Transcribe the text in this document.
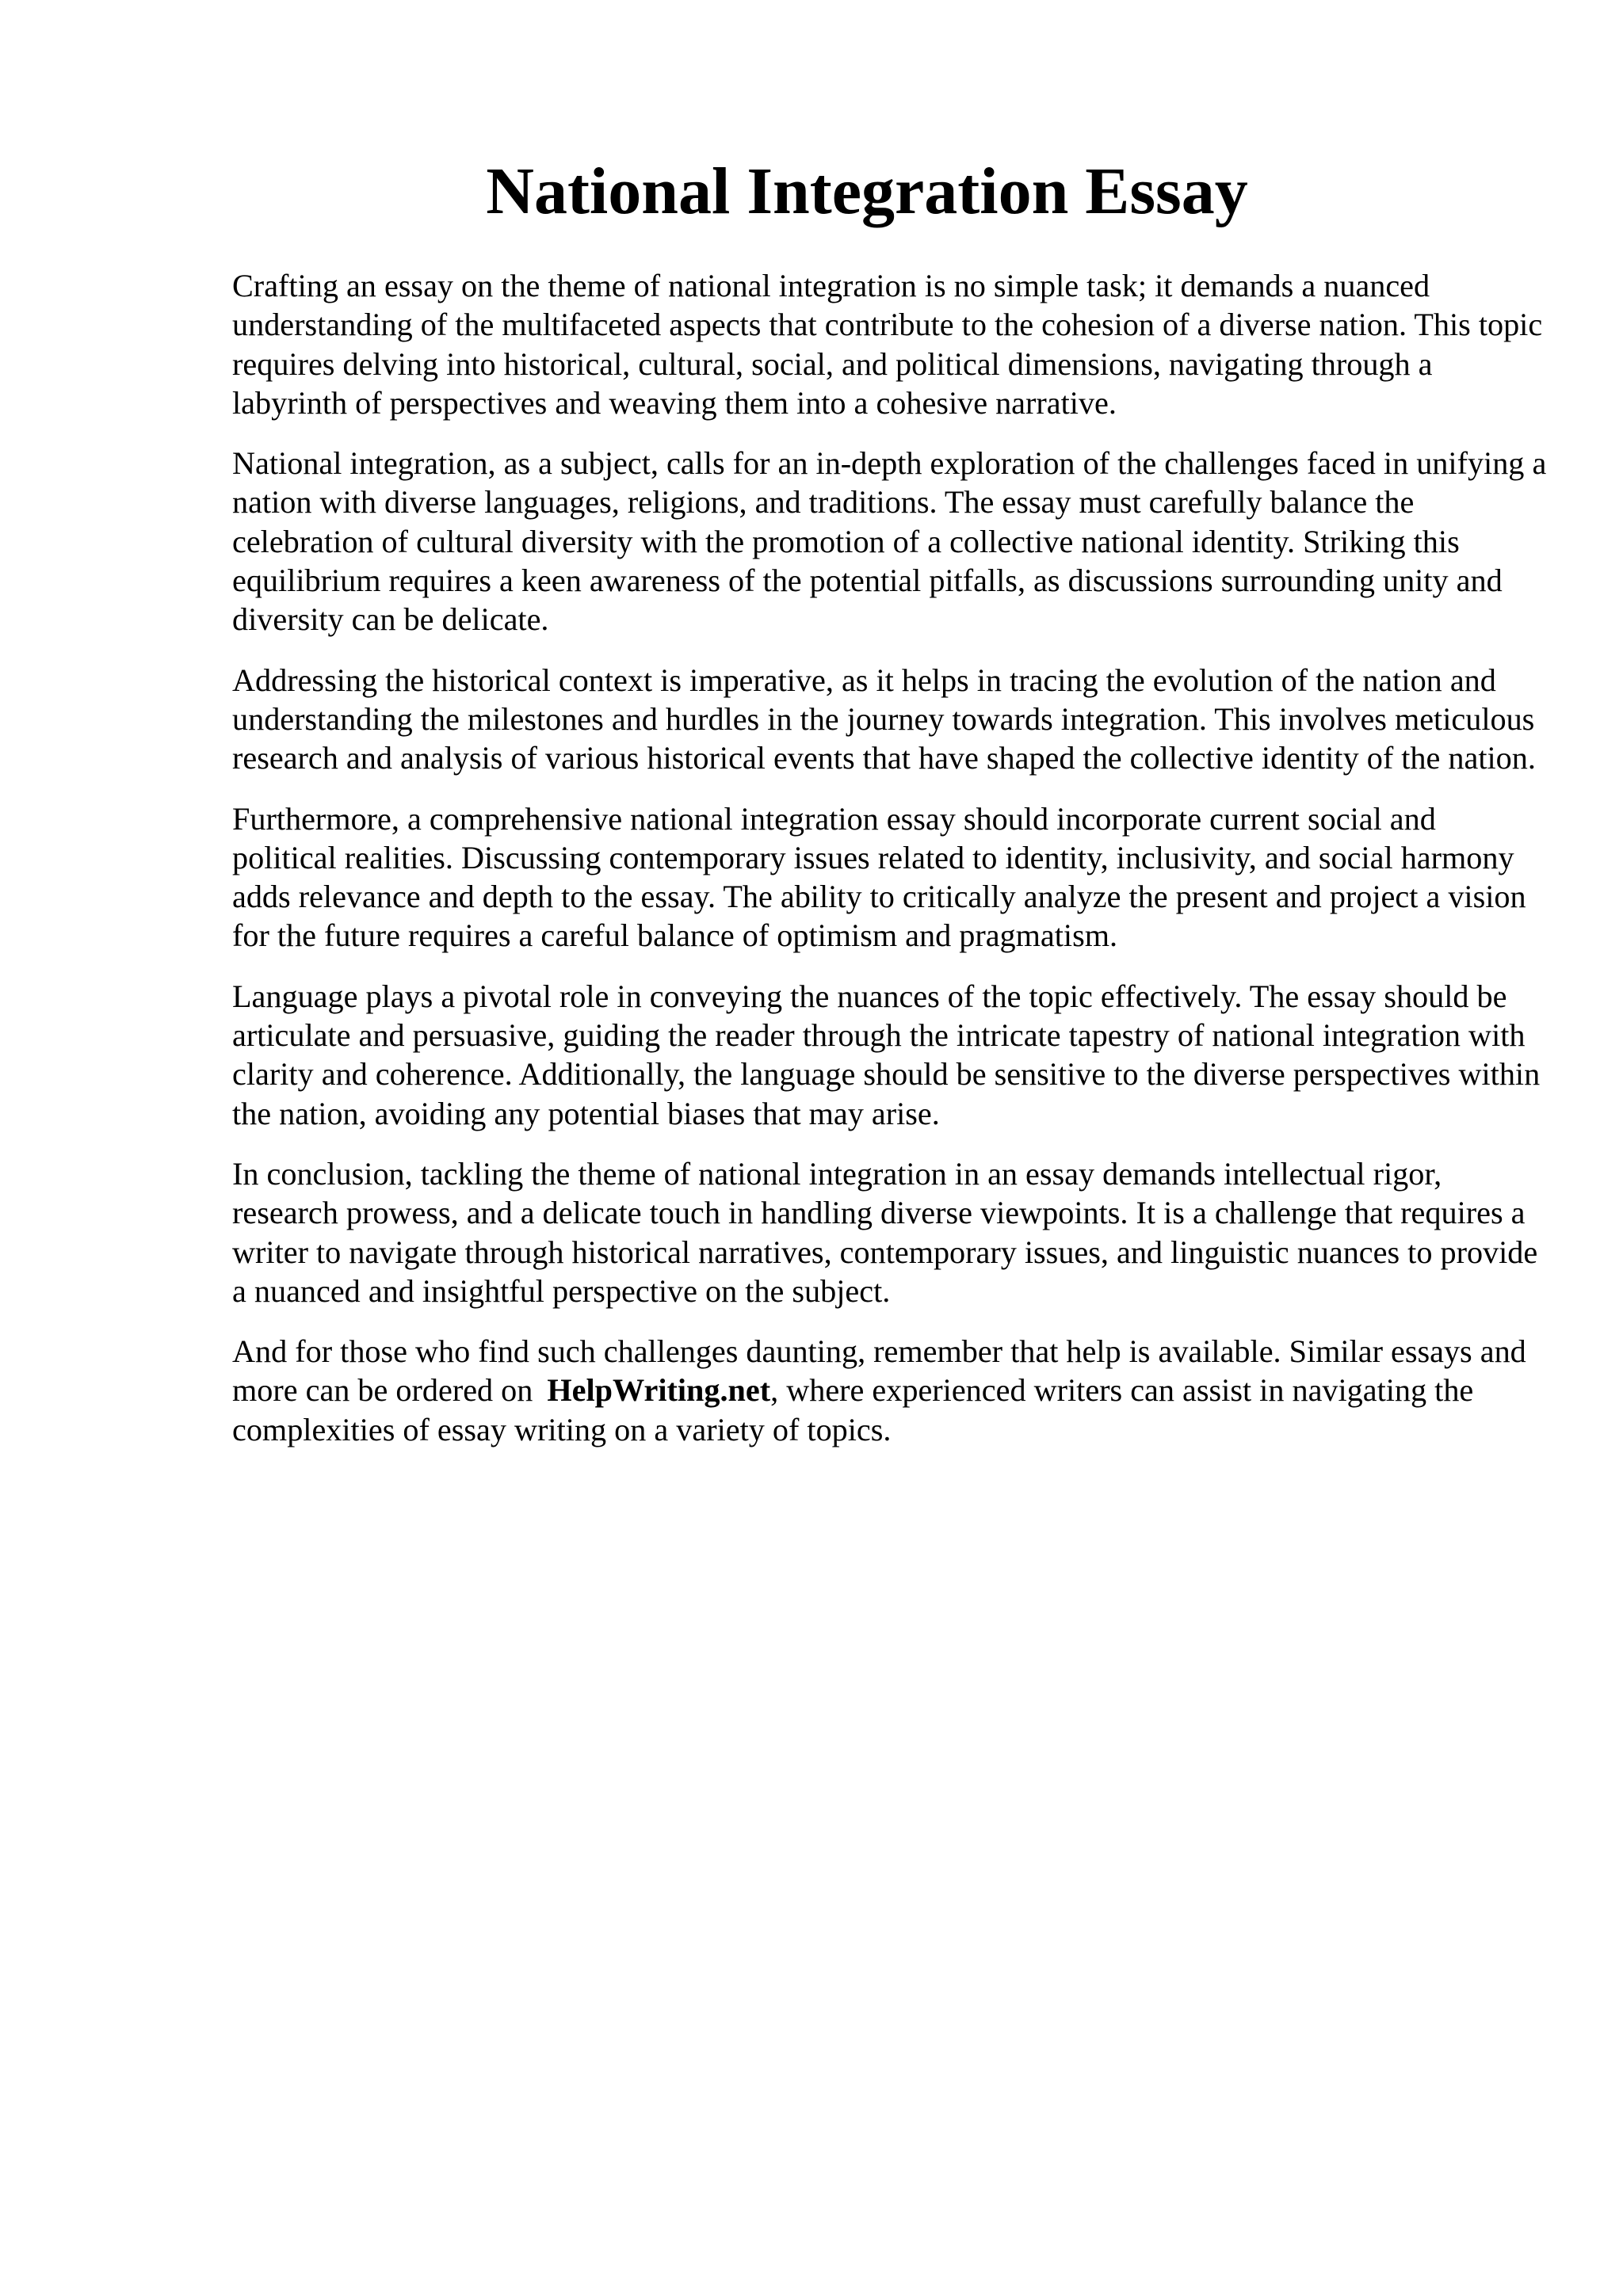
National Integration Essay

Crafting an essay on the theme of national integration is no simple task; it demands a nuanced understanding of the multifaceted aspects that contribute to the cohesion of a diverse nation. This topic requires delving into historical, cultural, social, and political dimensions, navigating through a labyrinth of perspectives and weaving them into a cohesive narrative.

National integration, as a subject, calls for an in-depth exploration of the challenges faced in unifying a nation with diverse languages, religions, and traditions. The essay must carefully balance the celebration of cultural diversity with the promotion of a collective national identity. Striking this equilibrium requires a keen awareness of the potential pitfalls, as discussions surrounding unity and diversity can be delicate.

Addressing the historical context is imperative, as it helps in tracing the evolution of the nation and understanding the milestones and hurdles in the journey towards integration. This involves meticulous research and analysis of various historical events that have shaped the collective identity of the nation.

Furthermore, a comprehensive national integration essay should incorporate current social and political realities. Discussing contemporary issues related to identity, inclusivity, and social harmony adds relevance and depth to the essay. The ability to critically analyze the present and project a vision for the future requires a careful balance of optimism and pragmatism.

Language plays a pivotal role in conveying the nuances of the topic effectively. The essay should be articulate and persuasive, guiding the reader through the intricate tapestry of national integration with clarity and coherence. Additionally, the language should be sensitive to the diverse perspectives within the nation, avoiding any potential biases that may arise.

In conclusion, tackling the theme of national integration in an essay demands intellectual rigor, research prowess, and a delicate touch in handling diverse viewpoints. It is a challenge that requires a writer to navigate through historical narratives, contemporary issues, and linguistic nuances to provide a nuanced and insightful perspective on the subject.

And for those who find such challenges daunting, remember that help is available. Similar essays and more can be ordered on HelpWriting.net, where experienced writers can assist in navigating the complexities of essay writing on a variety of topics.
